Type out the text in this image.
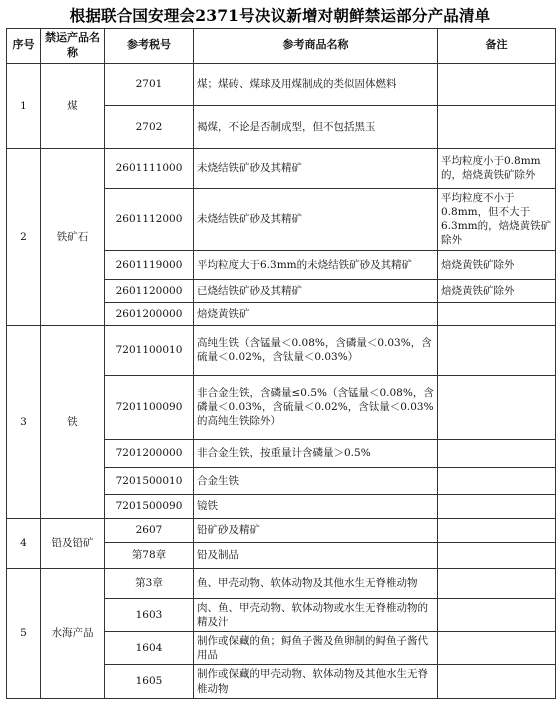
根据联合国安理会2371号决议新增对朝鲜禁运部分产品清单
序号	禁运产品名称	参考税号	参考商品名称	备注
1	煤	2701	煤；煤砖、煤球及用煤制成的类似固体燃料	
		2702	褐煤，不论是否制成型，但不包括黑玉	
2	铁矿石	2601111000	未烧结铁矿砂及其精矿	平均粒度小于0.8mm的，焙烧黄铁矿除外
		2601112000	未烧结铁矿砂及其精矿	平均粒度不小于0.8mm，但不大于6.3mm的，焙烧黄铁矿除外
		2601119000	平均粒度大于6.3mm的未烧结铁矿砂及其精矿	焙烧黄铁矿除外
		2601120000	已烧结铁矿砂及其精矿	焙烧黄铁矿除外
		2601200000	焙烧黄铁矿	
3	铁	7201100010	高纯生铁（含锰量＜0.08%，含磷量＜0.03%，含硫量＜0.02%，含钛量＜0.03%）	
		7201100090	非合金生铁，含磷量≤0.5%（含锰量＜0.08%，含磷量＜0.03%，含硫量＜0.02%，含钛量＜0.03%的高纯生铁除外）	
		7201200000	非合金生铁，按重量计含磷量＞0.5%	
		7201500010	合金生铁	
		7201500090	镜铁	
4	铅及铅矿	2607	铅矿砂及精矿	
		第78章	铅及制品	
5	水海产品	第3章	鱼、甲壳动物、软体动物及其他水生无脊椎动物	
		1603	肉、鱼、甲壳动物、软体动物或水生无脊椎动物的精及汁	
		1604	制作或保藏的鱼；鲟鱼子酱及鱼卵制的鲟鱼子酱代用品	
		1605	制作或保藏的甲壳动物、软体动物及其他水生无脊椎动物	
